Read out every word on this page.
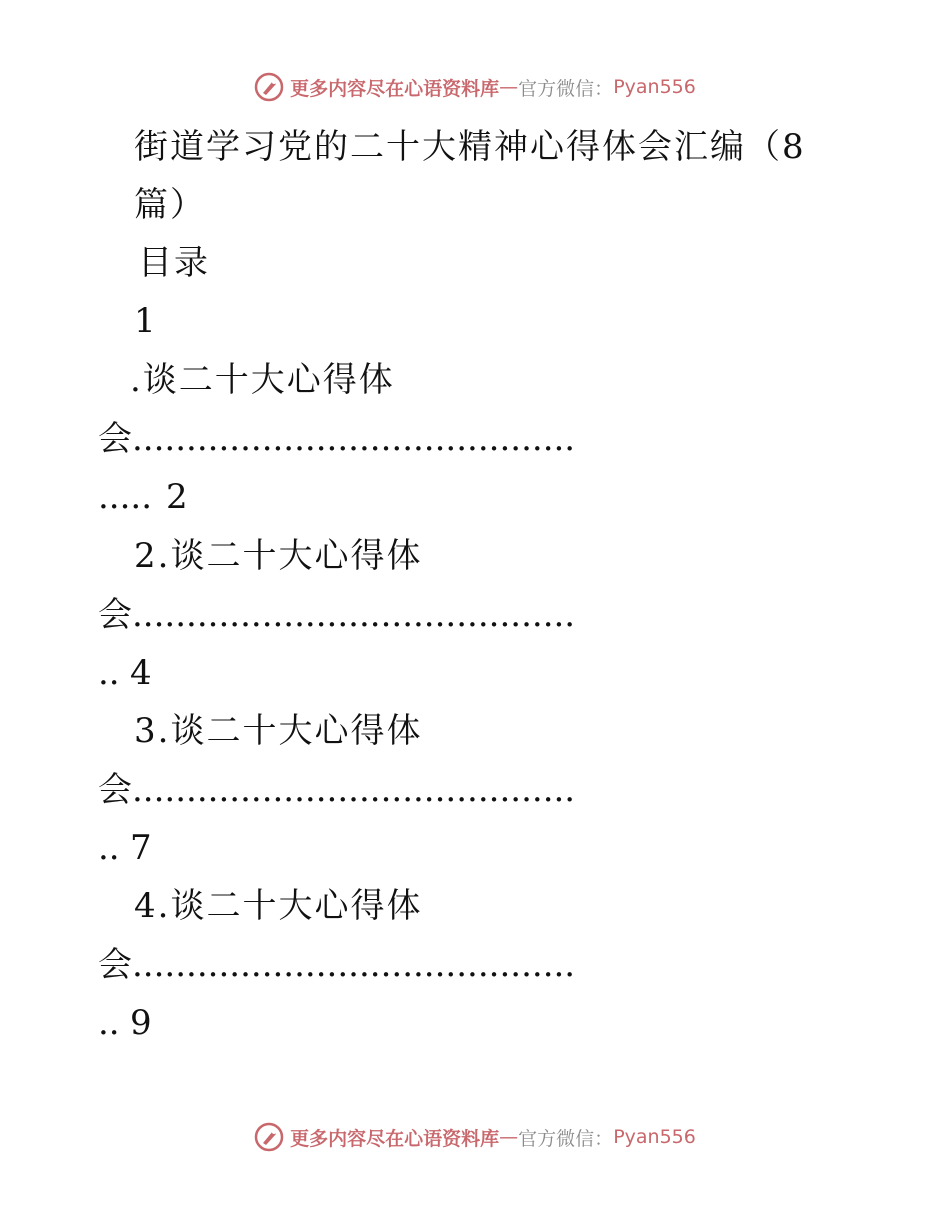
更多内容尽在心语资料库 — 官方微信： Pyan556
街道学习党的二十大精神心得体会汇编（8
篇）
目录
1
.谈二十大心得体
会
.........................................
..... 2
2.谈二十大心得体
会
.........................................
.. 4
3.谈二十大心得体
会
.........................................
.. 7
4.谈二十大心得体
会
.........................................
.. 9
更多内容尽在心语资料库 — 官方微信： Pyan556
